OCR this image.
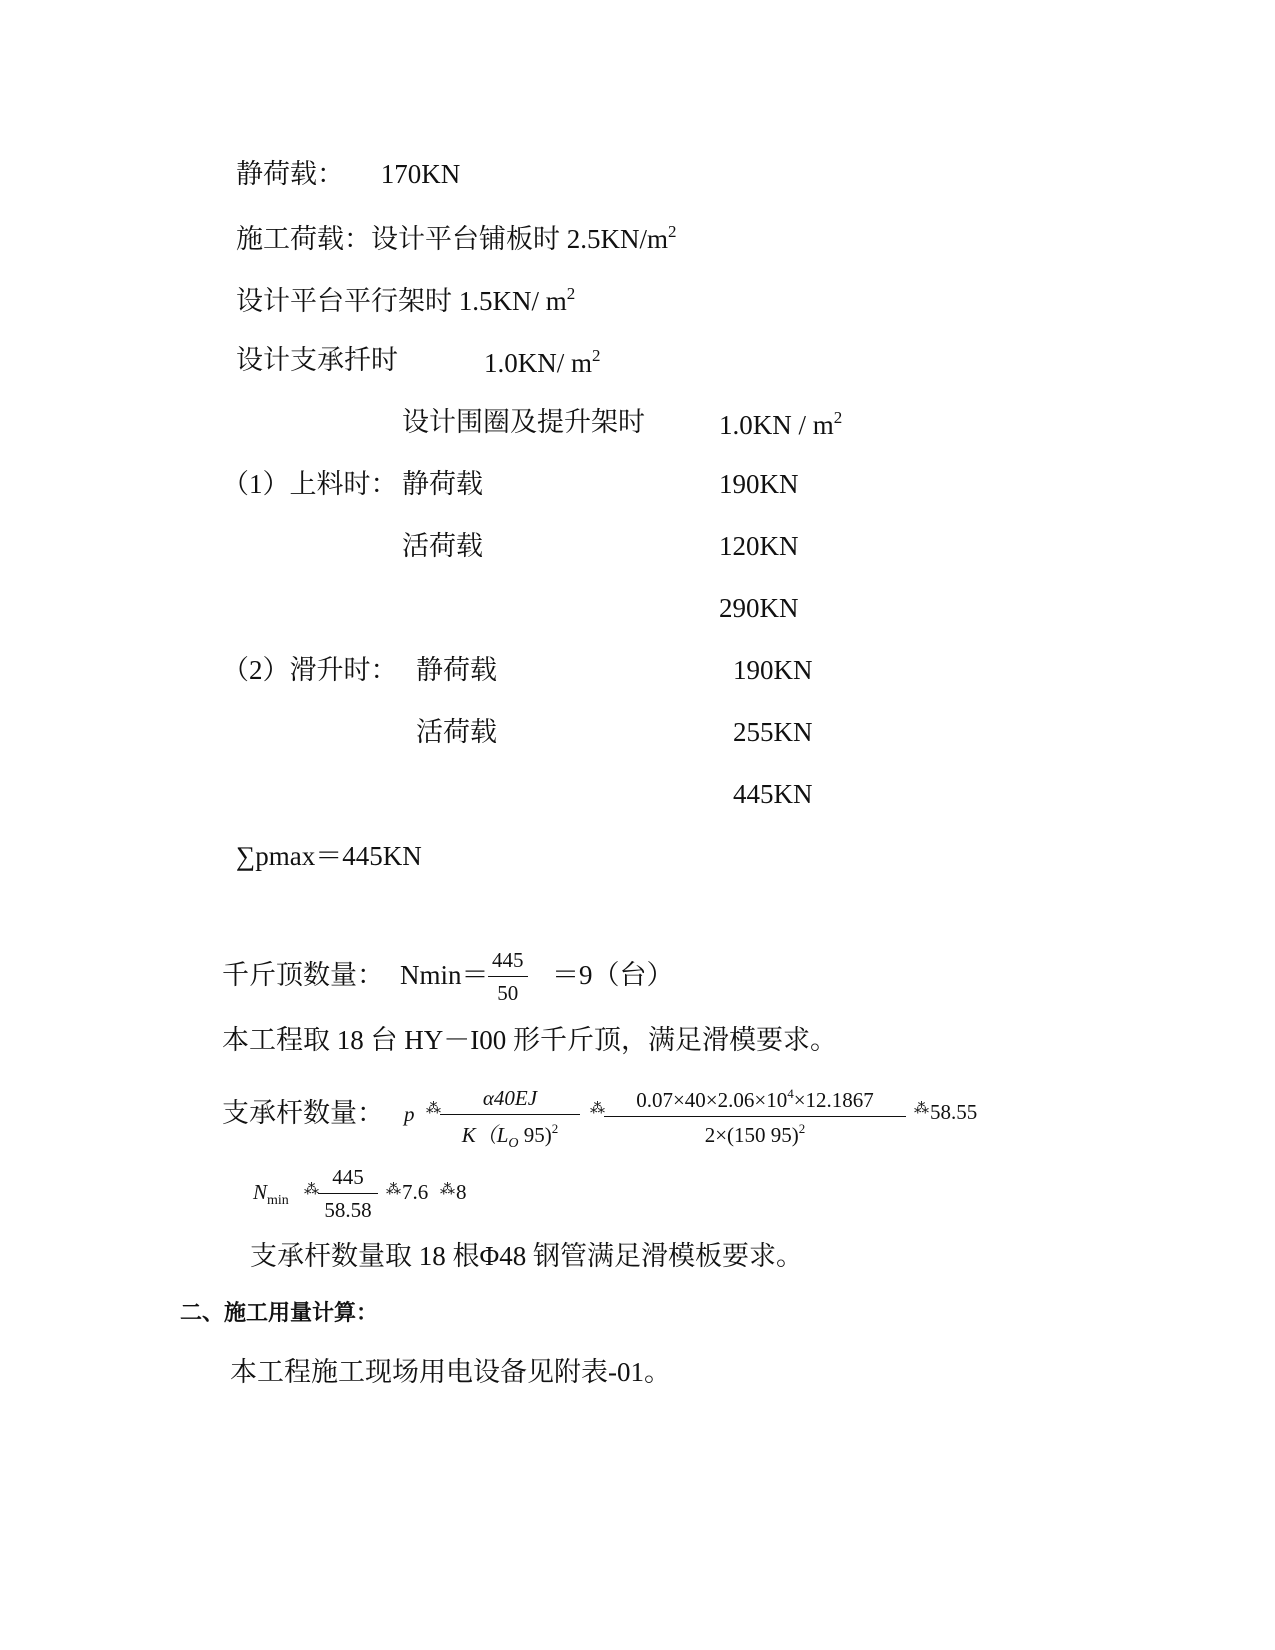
静荷载： 170KN
施工荷载：设计平台铺板时 $2.5KN/m^2$
设计平台平行架时 1.5KN/ $m^2$
设计支承扦时	1.0KN/ $m^2$
设计围圈及提升架时	$1.0KN / m^2$
（1）上料时： 静荷载	190KN
活荷载	120KN
290KN
（2）滑升时： 静荷载	190KN
活荷载	255KN
445KN
∑pmax＝445KN
千斤顶数量： $Nmin= \frac{445}{50} =9$（台）
本工程取 18 台 HY－I00 形千斤顶，满足滑模要求。
支承杆数量： p ⁂ $\frac{\alpha 40EJ}{K(L_O 95)^2}$ ⁂ $\frac{0.07\times 40\times 2.06\times 10^4\times 12.1867}{2\times(150 95)^2}$ ⁂ 58.55
$N_{min}$
⁂ $\frac{445}{58.58}$ ⁂ 7.6 ⁂ 8
支承杆数量取 18 根Φ48 钢管满足滑模板要求。
二、施工用量计算：
本工程施工现场用电设备见附表-01。
